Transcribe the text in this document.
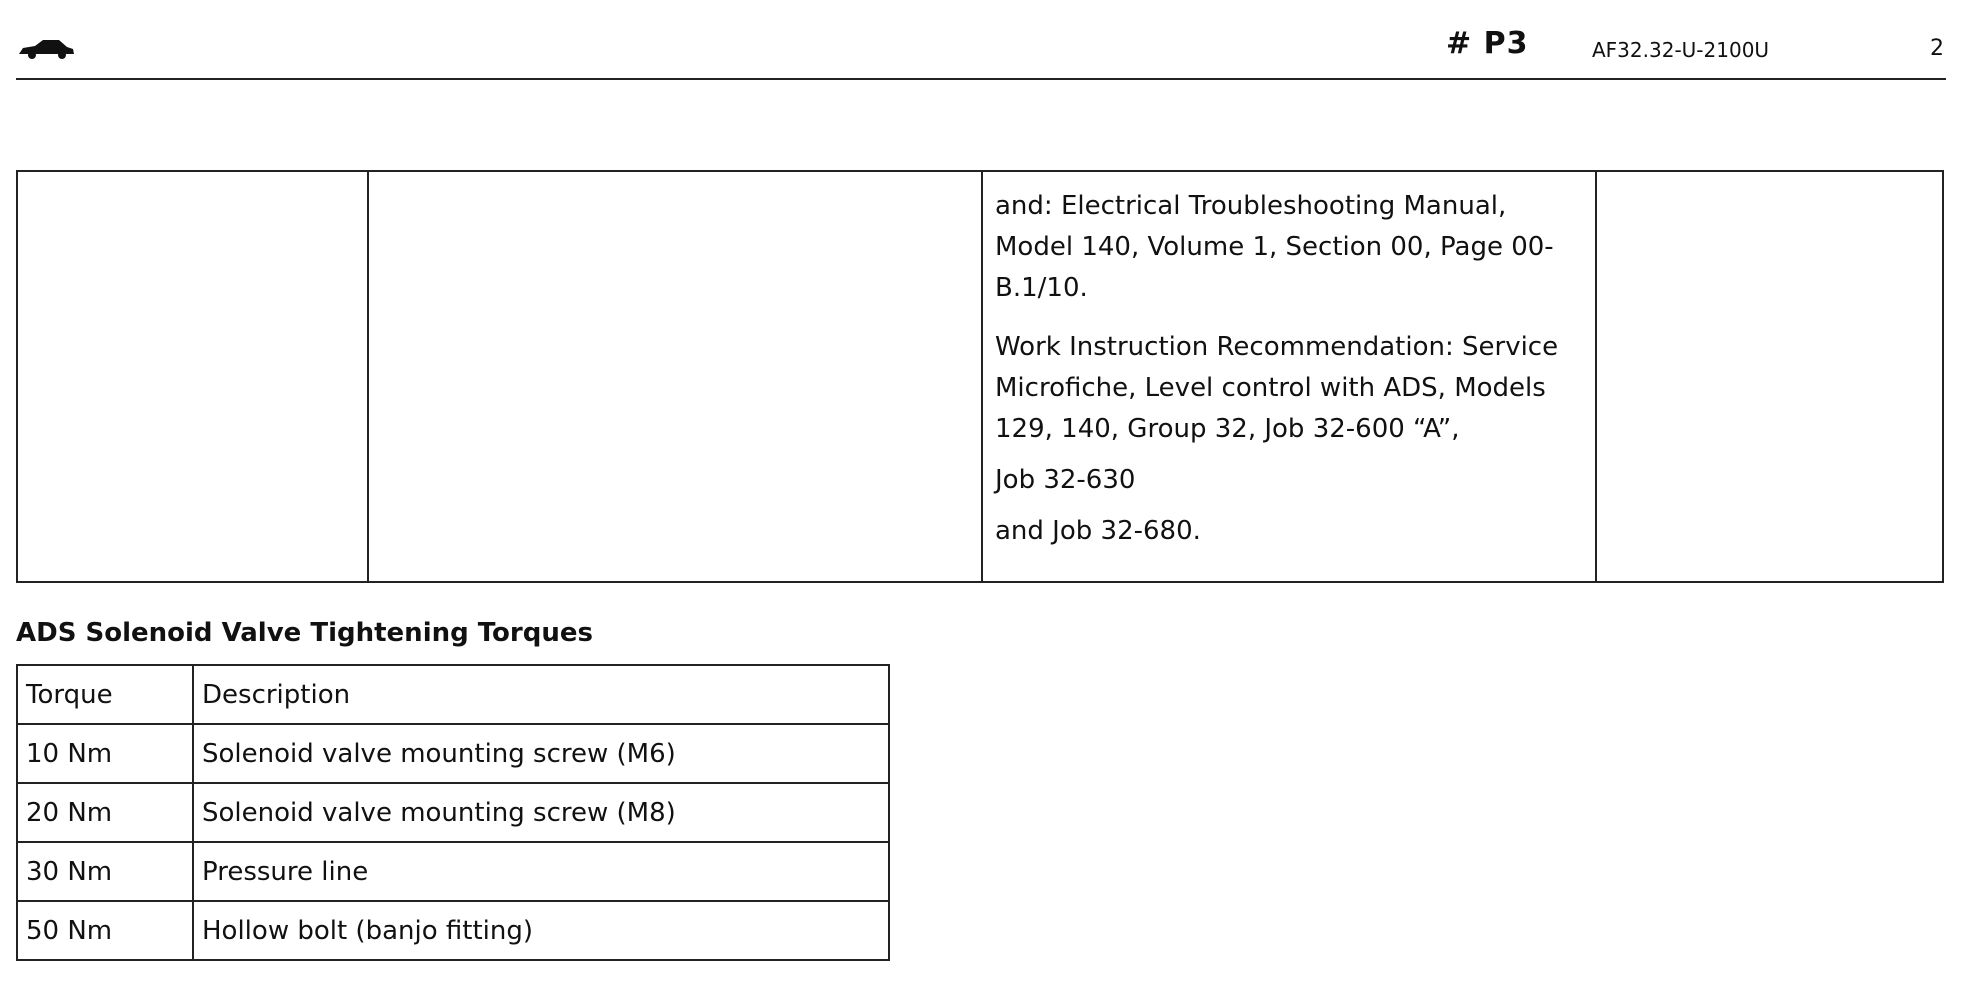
# P3	AF32.32-U-2100U	2

and: Electrical Troubleshooting Manual, Model 140, Volume 1, Section 00, Page 00-B.1/10.

Work Instruction Recommendation: Service Microfiche, Level control with ADS, Models 129, 140, Group 32, Job 32-600 “A”,

Job 32-630

and Job 32-680.

ADS Solenoid Valve Tightening Torques
Torque	Description
10 Nm	Solenoid valve mounting screw (M6)
20 Nm	Solenoid valve mounting screw (M8)
30 Nm	Pressure line
50 Nm	Hollow bolt (banjo fitting)
